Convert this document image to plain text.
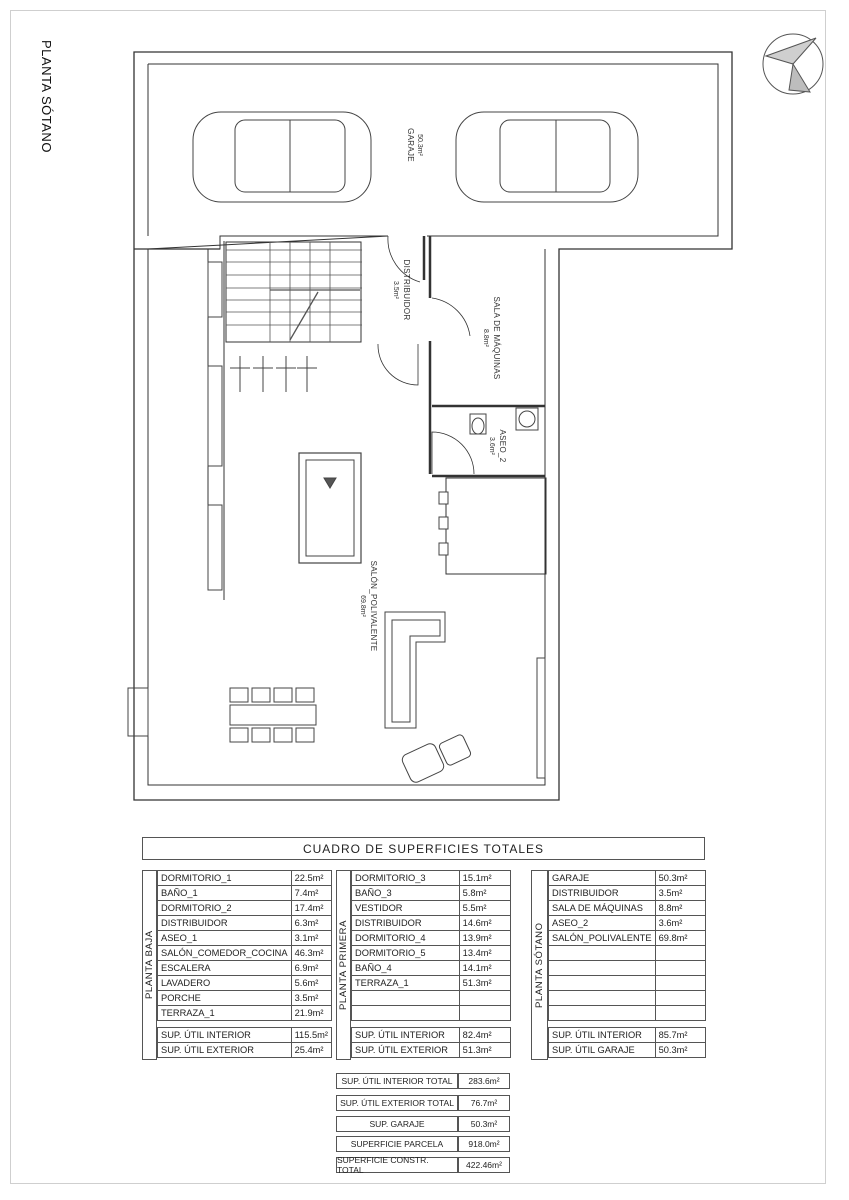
PLANTA SÓTANO	GARAJE 50.3m²
DISTRIBUIDOR
3.5m²
SALA DE MÁQUINAS
8.8m²
ASEO_2
3.6m²
SALÓN_POLIVALENTE
69.8m²
CUADRO DE SUPERFICIES TOTALES
PLANTA BAJA
DORMITORIO_1	22.5m²
BAÑO_1	7.4m²
DORMITORIO_2	17.4m²
DISTRIBUIDOR	6.3m²
ASEO_1	3.1m²
SALÓN_COMEDOR_COCINA	46.3m²
ESCALERA	6.9m²
LAVADERO	5.6m²
PORCHE	3.5m²
TERRAZA_1	21.9m²

SUP. ÚTIL INTERIOR	115.5m²
SUP. ÚTIL EXTERIOR	25.4m²
PLANTA PRIMERA
DORMITORIO_3	15.1m²
BAÑO_3	5.8m²
VESTIDOR	5.5m²
DISTRIBUIDOR	14.6m²
DORMITORIO_4	13.9m²
DORMITORIO_5	13.4m²
BAÑO_4	14.1m²
TERRAZA_1	51.3m²

SUP. ÚTIL INTERIOR	82.4m²
SUP. ÚTIL EXTERIOR	51.3m²
PLANTA SÓTANO
GARAJE	50.3m²
DISTRIBUIDOR	3.5m²
SALA DE MÁQUINAS	8.8m²
ASEO_2	3.6m²
SALÓN_POLIVALENTE	69.8m²

SUP. ÚTIL INTERIOR	85.7m²
SUP. ÚTIL GARAJE	50.3m²
SUP. ÚTIL INTERIOR TOTAL	283.6m²
SUP. ÚTIL EXTERIOR TOTAL	76.7m²
SUP. GARAJE	50.3m²
SUPERFICIE PARCELA	918.0m²
SUPERFICIE CONSTR. TOTAL	422.46m²
